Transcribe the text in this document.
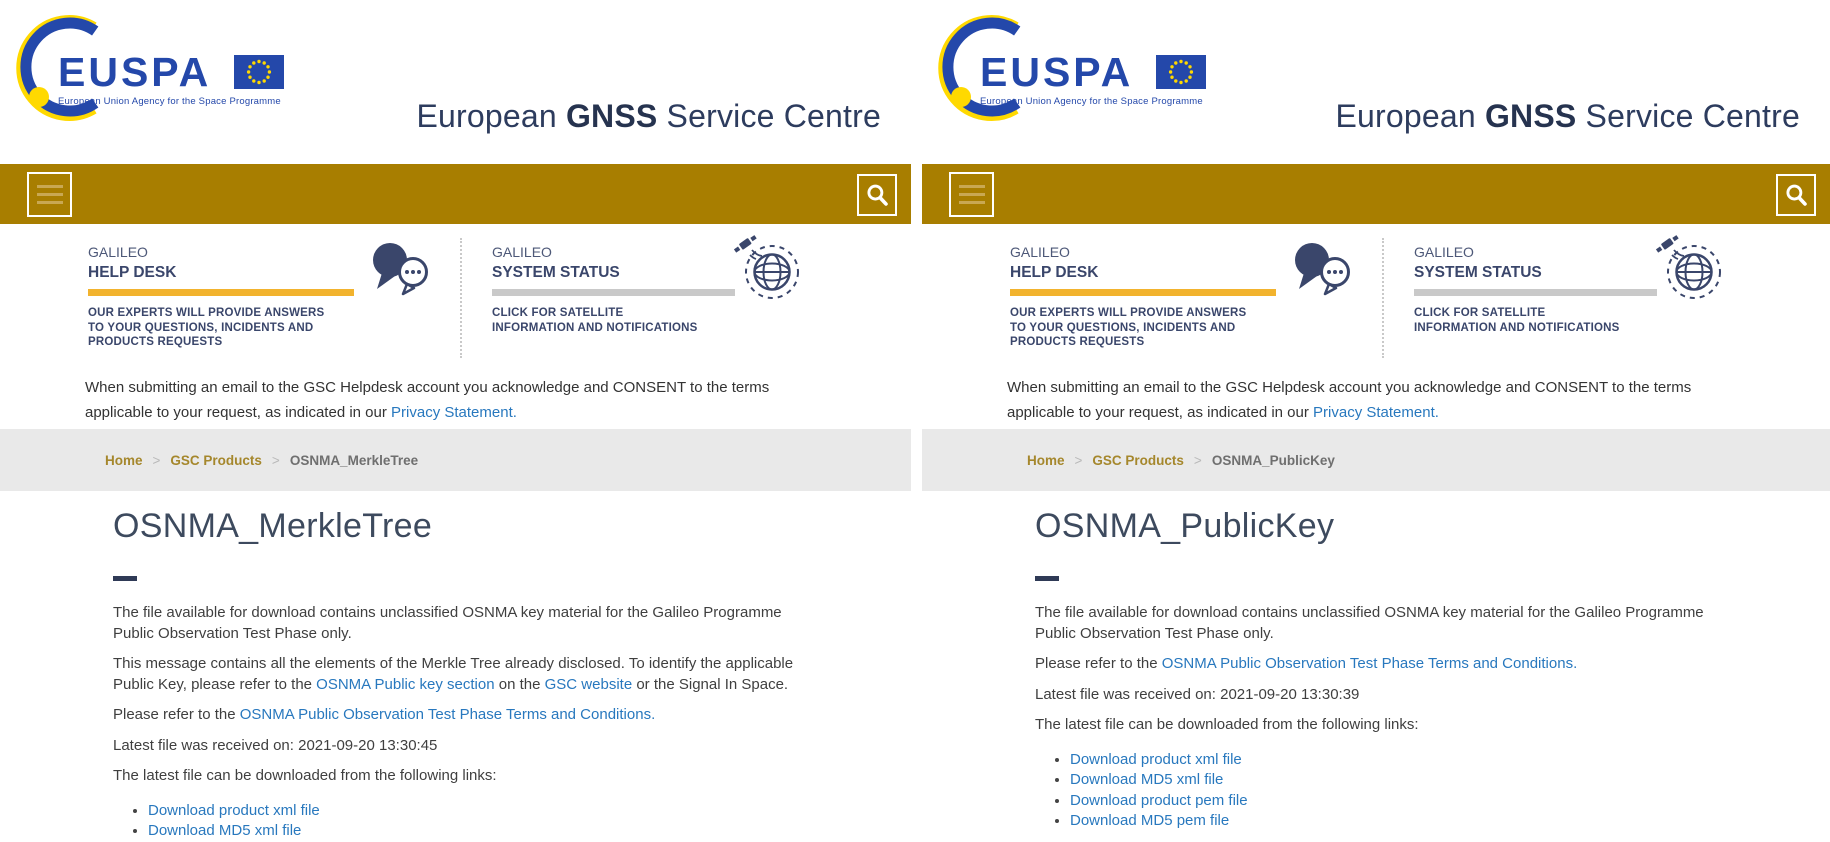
EUSPA
European Union Agency for the Space Programme	European GNSS Service Centre
GALILEO
HELP DESK
OUR EXPERTS WILL PROVIDE ANSWERS
TO YOUR QUESTIONS, INCIDENTS AND
PRODUCTS REQUESTS
GALILEO
SYSTEM STATUS
CLICK FOR SATELLITE
INFORMATION AND NOTIFICATIONS
When submitting an email to the GSC Helpdesk account you acknowledge and CONSENT to the terms applicable to your request, as indicated in our Privacy Statement.
Home > GSC Products > OSNMA_MerkleTree
OSNMA_MerkleTree

The file available for download contains unclassified OSNMA key material for the Galileo Programme Public Observation Test Phase only.

This message contains all the elements of the Merkle Tree already disclosed. To identify the applicable Public Key, please refer to the OSNMA Public key section on the GSC website or the Signal In Space.

Please refer to the OSNMA Public Observation Test Phase Terms and Conditions.

Latest file was received on: 2021-09-20 13:30:45

The latest file can be downloaded from the following links:

• Download product xml file
• Download MD5 xml file
EUSPA
European Union Agency for the Space Programme	European GNSS Service Centre
GALILEO
HELP DESK
OUR EXPERTS WILL PROVIDE ANSWERS
TO YOUR QUESTIONS, INCIDENTS AND
PRODUCTS REQUESTS
GALILEO
SYSTEM STATUS
CLICK FOR SATELLITE
INFORMATION AND NOTIFICATIONS
When submitting an email to the GSC Helpdesk account you acknowledge and CONSENT to the terms applicable to your request, as indicated in our Privacy Statement.
Home > GSC Products > OSNMA_PublicKey
OSNMA_PublicKey

The file available for download contains unclassified OSNMA key material for the Galileo Programme Public Observation Test Phase only.

Please refer to the OSNMA Public Observation Test Phase Terms and Conditions.

Latest file was received on: 2021-09-20 13:30:39

The latest file can be downloaded from the following links:

• Download product xml file
• Download MD5 xml file
• Download product pem file
• Download MD5 pem file
